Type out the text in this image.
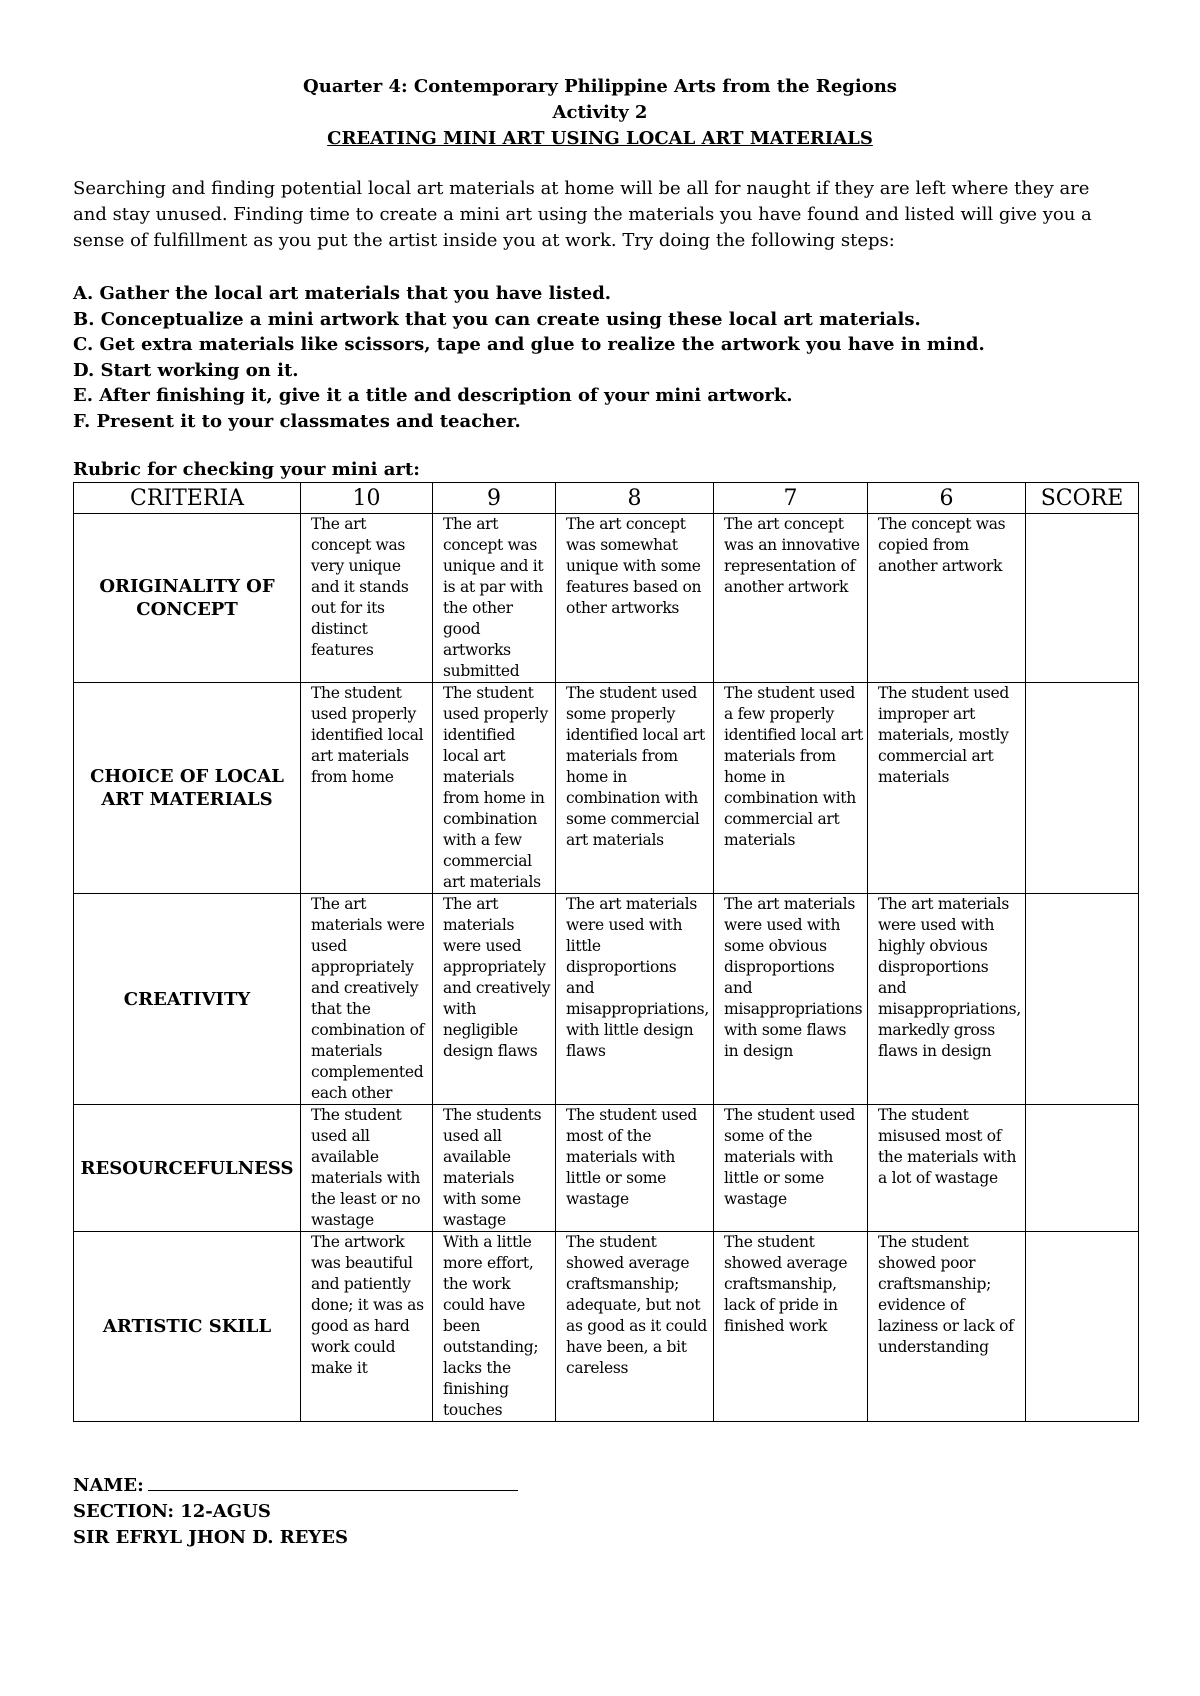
Quarter 4: Contemporary Philippine Arts from the Regions
Activity 2
CREATING MINI ART USING LOCAL ART MATERIALS
Searching and finding potential local art materials at home will be all for naught if they are left where they are and stay unused. Finding time to create a mini art using the materials you have found and listed will give you a sense of fulfillment as you put the artist inside you at work. Try doing the following steps:
A. Gather the local art materials that you have listed.
B. Conceptualize a mini artwork that you can create using these local art materials.
C. Get extra materials like scissors, tape and glue to realize the artwork you have in mind.
D. Start working on it.
E. After finishing it, give it a title and description of your mini artwork.
F. Present it to your classmates and teacher.
Rubric for checking your mini art:
CRITERIA	10	9	8	7	6	SCORE
ORIGINALITY OF CONCEPT	The art concept was very unique and it stands out for its distinct features	The art concept was unique and it is at par with the other good artworks submitted	The art concept was somewhat unique with some features based on other artworks	The art concept was an innovative representation of another artwork	The concept was copied from another artwork	
CHOICE OF LOCAL ART MATERIALS	The student used properly identified local art materials from home	The student used properly identified local art materials from home in combination with a few commercial art materials	The student used some properly identified local art materials from home in combination with some commercial art materials	The student used a few properly identified local art materials from home in combination with commercial art materials	The student used improper art materials, mostly commercial art materials	
CREATIVITY	The art materials were used appropriately and creatively that the combination of materials complemented each other	The art materials were used appropriately and creatively with negligible design flaws	The art materials were used with little disproportions and misappropriations, with little design flaws	The art materials were used with some obvious disproportions and misappropriations with some flaws in design	The art materials were used with highly obvious disproportions and misappropriations, markedly gross flaws in design	
RESOURCEFULNESS	The student used all available materials with the least or no wastage	The students used all available materials with some wastage	The student used most of the materials with little or some wastage	The student used some of the materials with little or some wastage	The student misused most of the materials with a lot of wastage	
ARTISTIC SKILL	The artwork was beautiful and patiently done; it was as good as hard work could make it	With a little more effort, the work could have been outstanding; lacks the finishing touches	The student showed average craftsmanship; adequate, but not as good as it could have been, a bit careless	The student showed average craftsmanship, lack of pride in finished work	The student showed poor craftsmanship; evidence of laziness or lack of understanding	
NAME:
SECTION: 12-AGUS
SIR EFRYL JHON D. REYES
